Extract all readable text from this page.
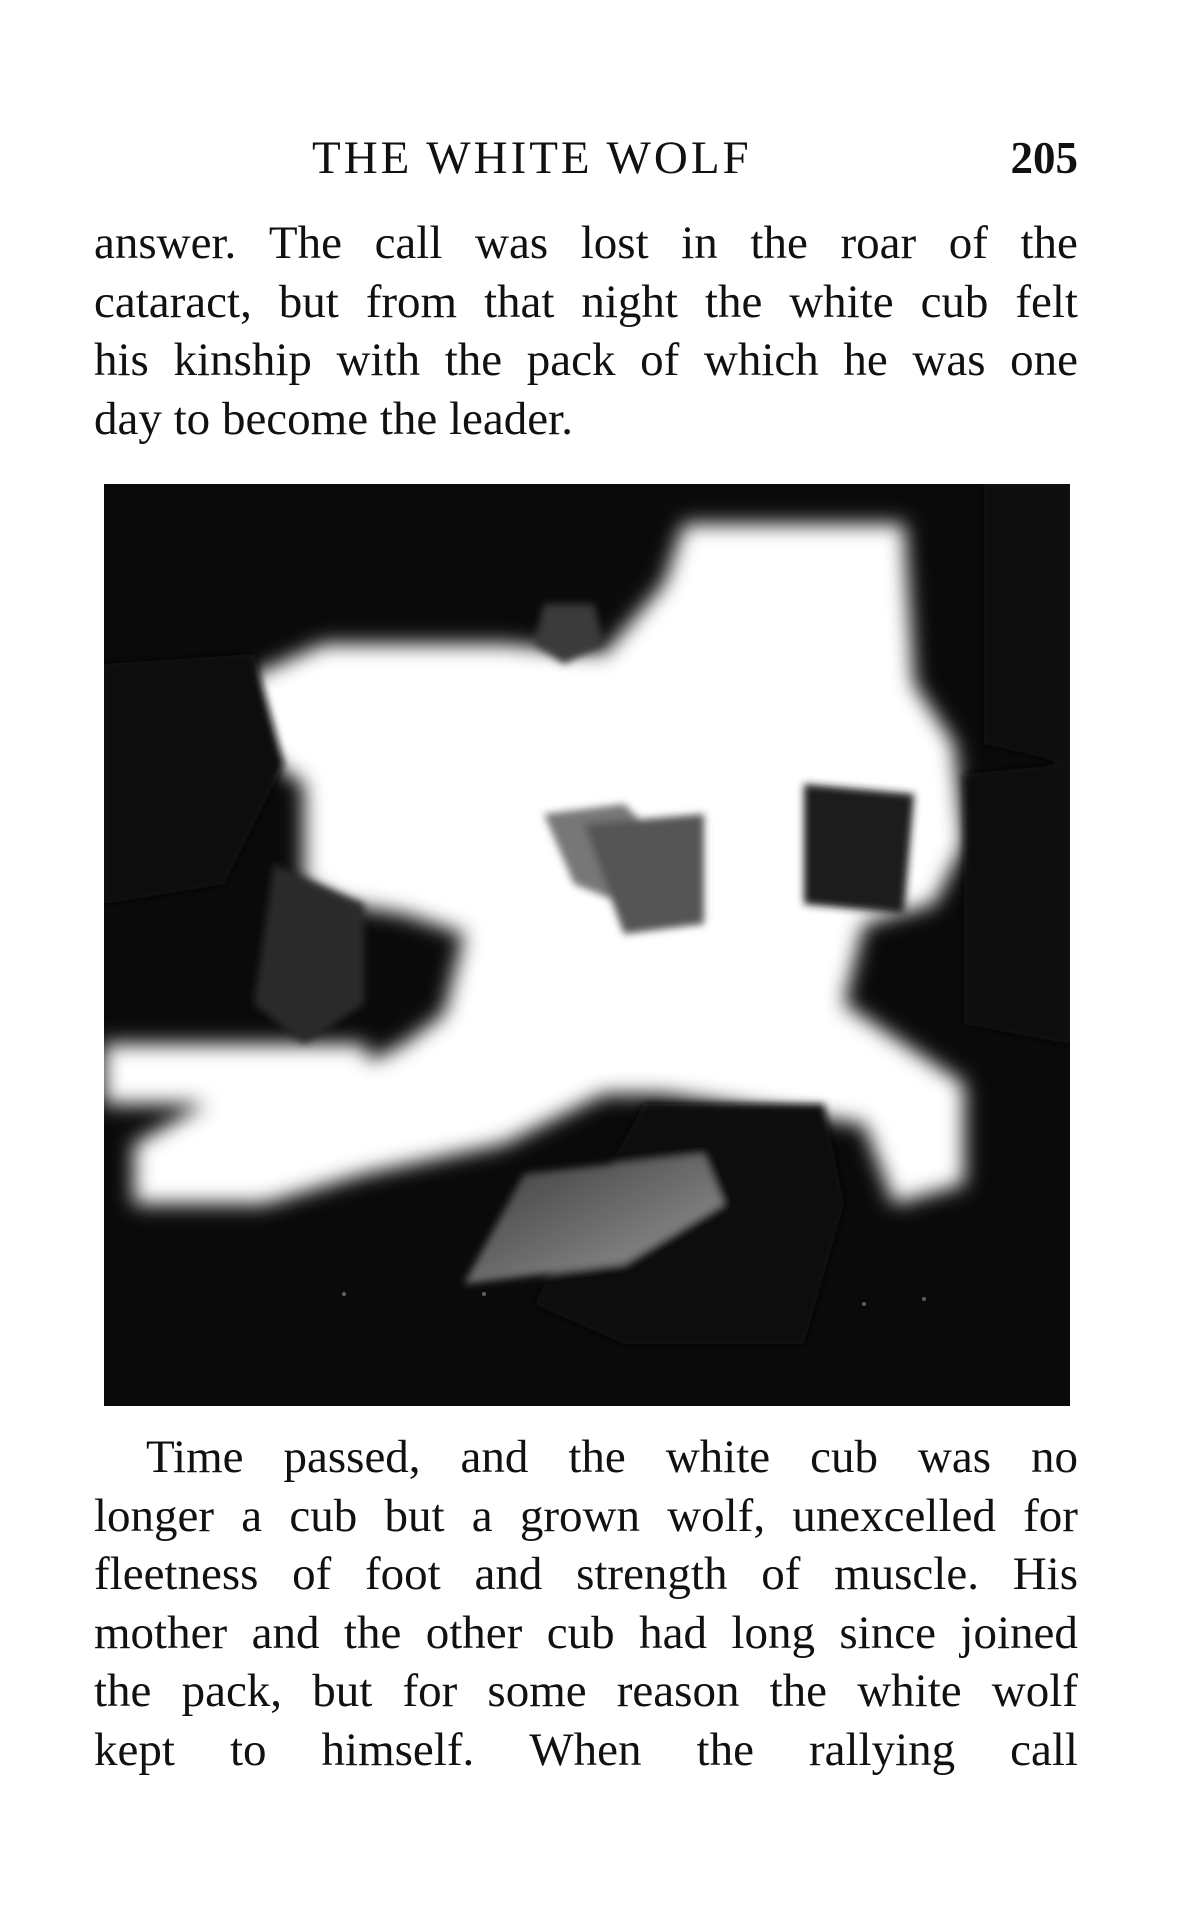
THE WHITE WOLF	205
answer. The call was lost in the roar of the
cataract, but from that night the white cub felt
his kinship with the pack of which he was one
day
to
become
the
leader.
Time passed, and the white cub was no
longer a cub but a grown wolf, unexcelled for
fleetness of foot and strength of muscle. His
mother and the other cub had long since joined
the pack, but for some reason the white wolf
kept to himself. When the rallying call
